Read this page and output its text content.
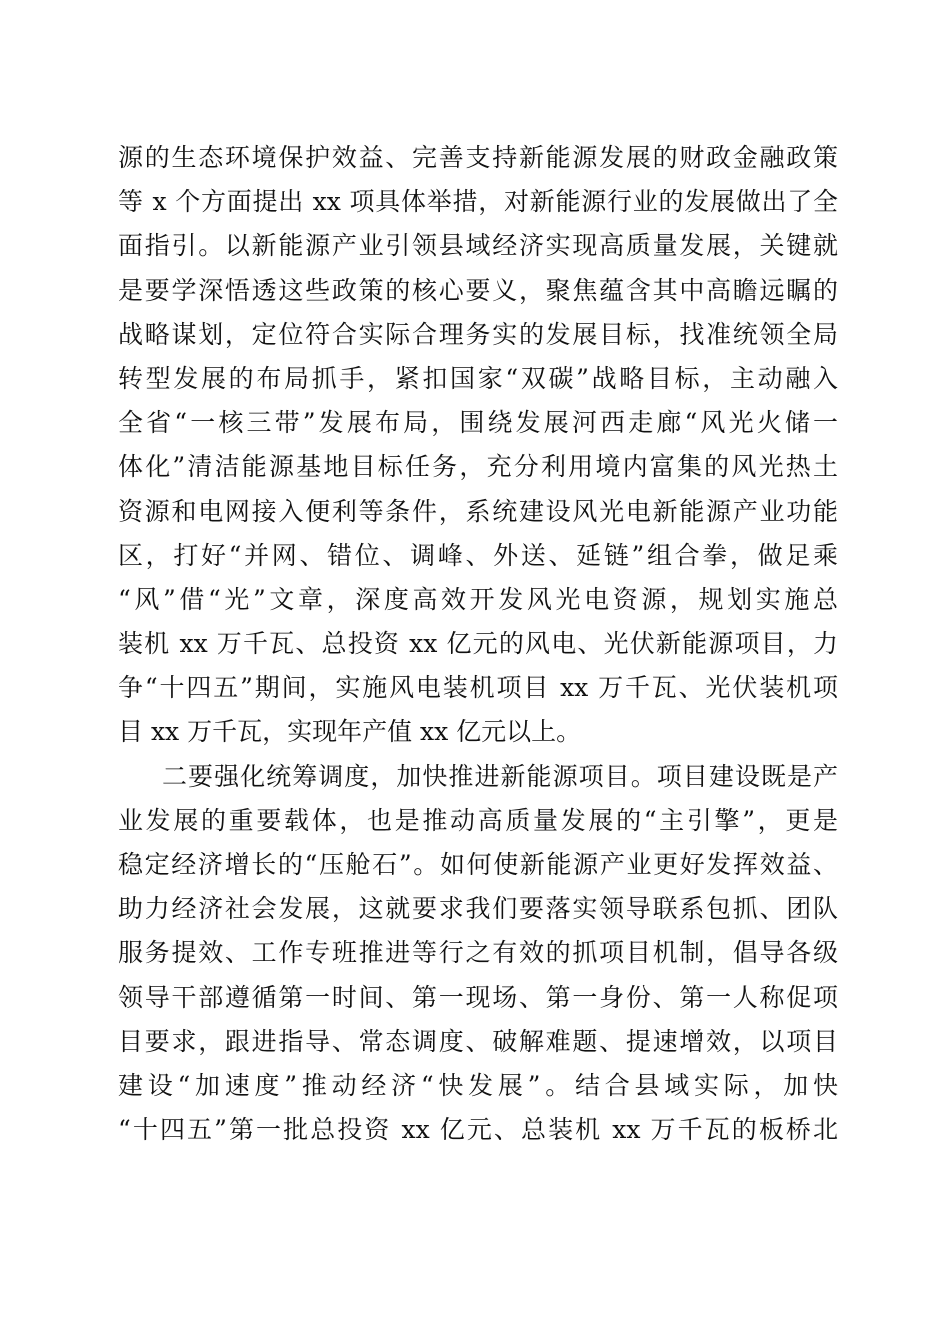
源的生态环境保护效益、完善支持新能源发展的财政金融政策
等 x 个方面提出 xx 项具体举措，对新能源行业的发展做出了全
面指引。以新能源产业引领县域经济实现高质量发展，关键就
是要学深悟透这些政策的核心要义，聚焦蕴含其中高瞻远瞩的
战略谋划，定位符合实际合理务实的发展目标，找准统领全局
转型发展的布局抓手，紧扣国家“双碳”战略目标，主动融入
全省“一核三带”发展布局，围绕发展河西走廊“风光火储一
体化”清洁能源基地目标任务，充分利用境内富集的风光热土
资源和电网接入便利等条件，系统建设风光电新能源产业功能
区，打好“并网、错位、调峰、外送、延链”组合拳，做足乘
“风”借“光”文章，深度高效开发风光电资源，规划实施总
装机 xx 万千瓦、总投资 xx 亿元的风电、光伏新能源项目，力
争“十四五”期间，实施风电装机项目 xx 万千瓦、光伏装机项
目 xx 万千瓦，实现年产值 xx 亿元以上。
二要强化统筹调度，加快推进新能源项目。项目建设既是产
业发展的重要载体，也是推动高质量发展的“主引擎”，更是
稳定经济增长的“压舱石”。如何使新能源产业更好发挥效益、
助力经济社会发展，这就要求我们要落实领导联系包抓、团队
服务提效、工作专班推进等行之有效的抓项目机制，倡导各级
领导干部遵循第一时间、第一现场、第一身份、第一人称促项
目要求，跟进指导、常态调度、破解难题、提速增效，以项目
建设“加速度”推动经济“快发展”。结合县域实际，加快
“十四五”第一批总投资 xx 亿元、总装机 xx 万千瓦的板桥北
